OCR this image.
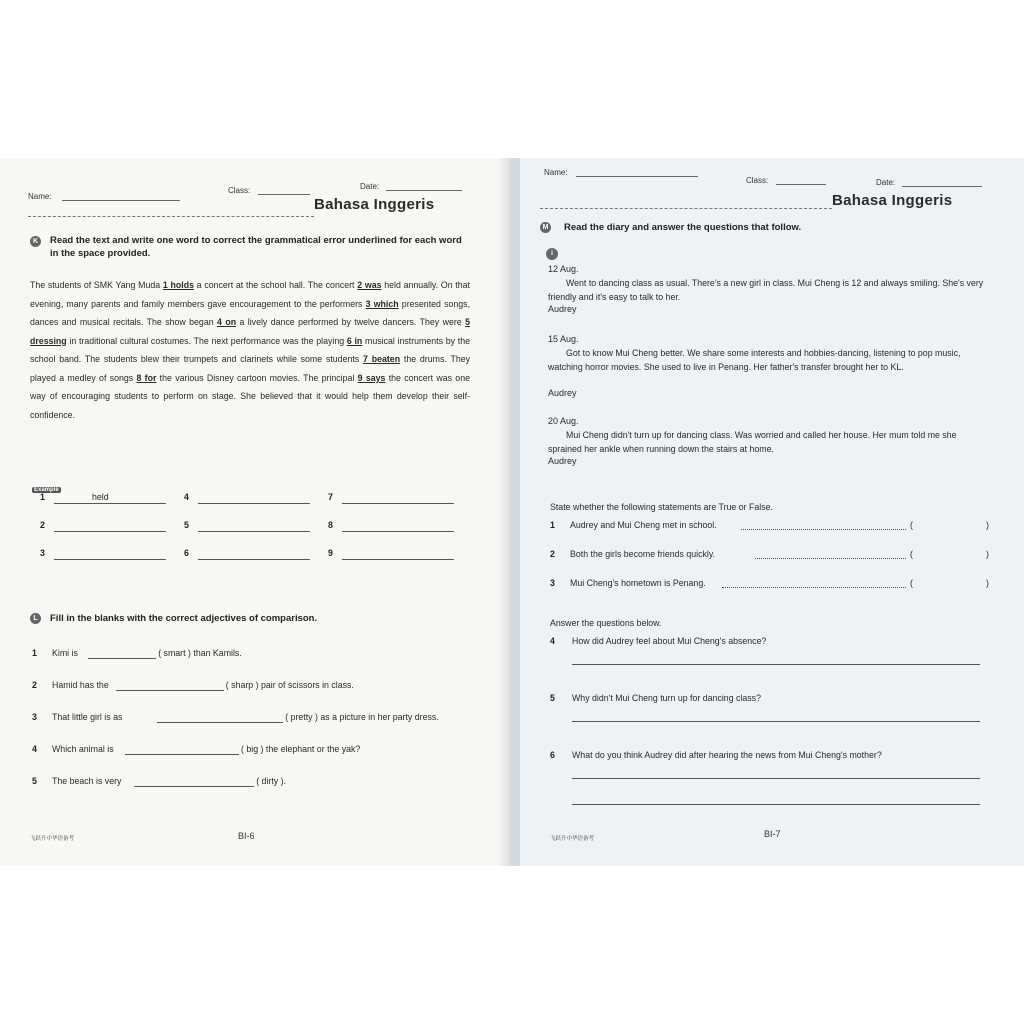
Name:
Class:	Date:
Bahasa Inggeris
K	Read the text and write one word to correct the grammatical error underlined for each word in the space provided.
The students of SMK Yang Muda 1 holds a concert at the school hall. The concert 2 was held annually. On that evening, many parents and family members gave encouragement to the performers 3 which presented songs, dances and musical recitals. The show began 4 on a lively dance performed by twelve dancers. They were 5 dressing in traditional cultural costumes. The next performance was the playing 6 in musical instruments by the school band. The students blew their trumpets and clarinets while some students 7 beaten the drums. They played a medley of songs 8 for the various Disney cartoon movies. The principal 9 says the concert was one way of encouraging students to perform on stage. She believed that it would help them develop their self-confidence.
Example
1	held	4	7
2	5	8
3	6	9
L	Fill in the blanks with the correct adjectives of comparison.
1 Kimi is	( smart ) than Kamils.
2 Hamid has the	( sharp ) pair of scissors in class.
3 That little girl is as	( pretty ) as a picture in her party dress.
4 Which animal is	( big ) the elephant or the yak?
5 The beach is very	( dirty ).
飞跃升中华语备考	BI-6
Name:
Class:	Date:
Bahasa Inggeris
M Read the diary and answer the questions that follow.
i
12 Aug.
Went to dancing class as usual. There's a new girl in class. Mui Cheng is 12 and always smiling. She's very friendly and it's easy to talk to her.
Audrey
15 Aug.
Got to know Mui Cheng better. We share some interests and hobbies-dancing, listening to pop music, watching horror movies. She used to live in Penang. Her father's transfer brought her to KL.
Audrey
20 Aug.
Mui Cheng didn't turn up for dancing class. Was worried and called her house. Her mum told me she sprained her ankle when running down the stairs at home.
Audrey
State whether the following statements are True or False.
1 Audrey and Mui Cheng met in school.	(	)
2 Both the girls become friends quickly.	(	)
3 Mui Cheng's hometown is Penang.	(	)
Answer the questions below.
4 How did Audrey feel about Mui Cheng's absence?
5 Why didn't Mui Cheng turn up for dancing class?
6 What do you think Audrey did after hearing the news from Mui Cheng's mother?
飞跃升中华语备考	BI-7
